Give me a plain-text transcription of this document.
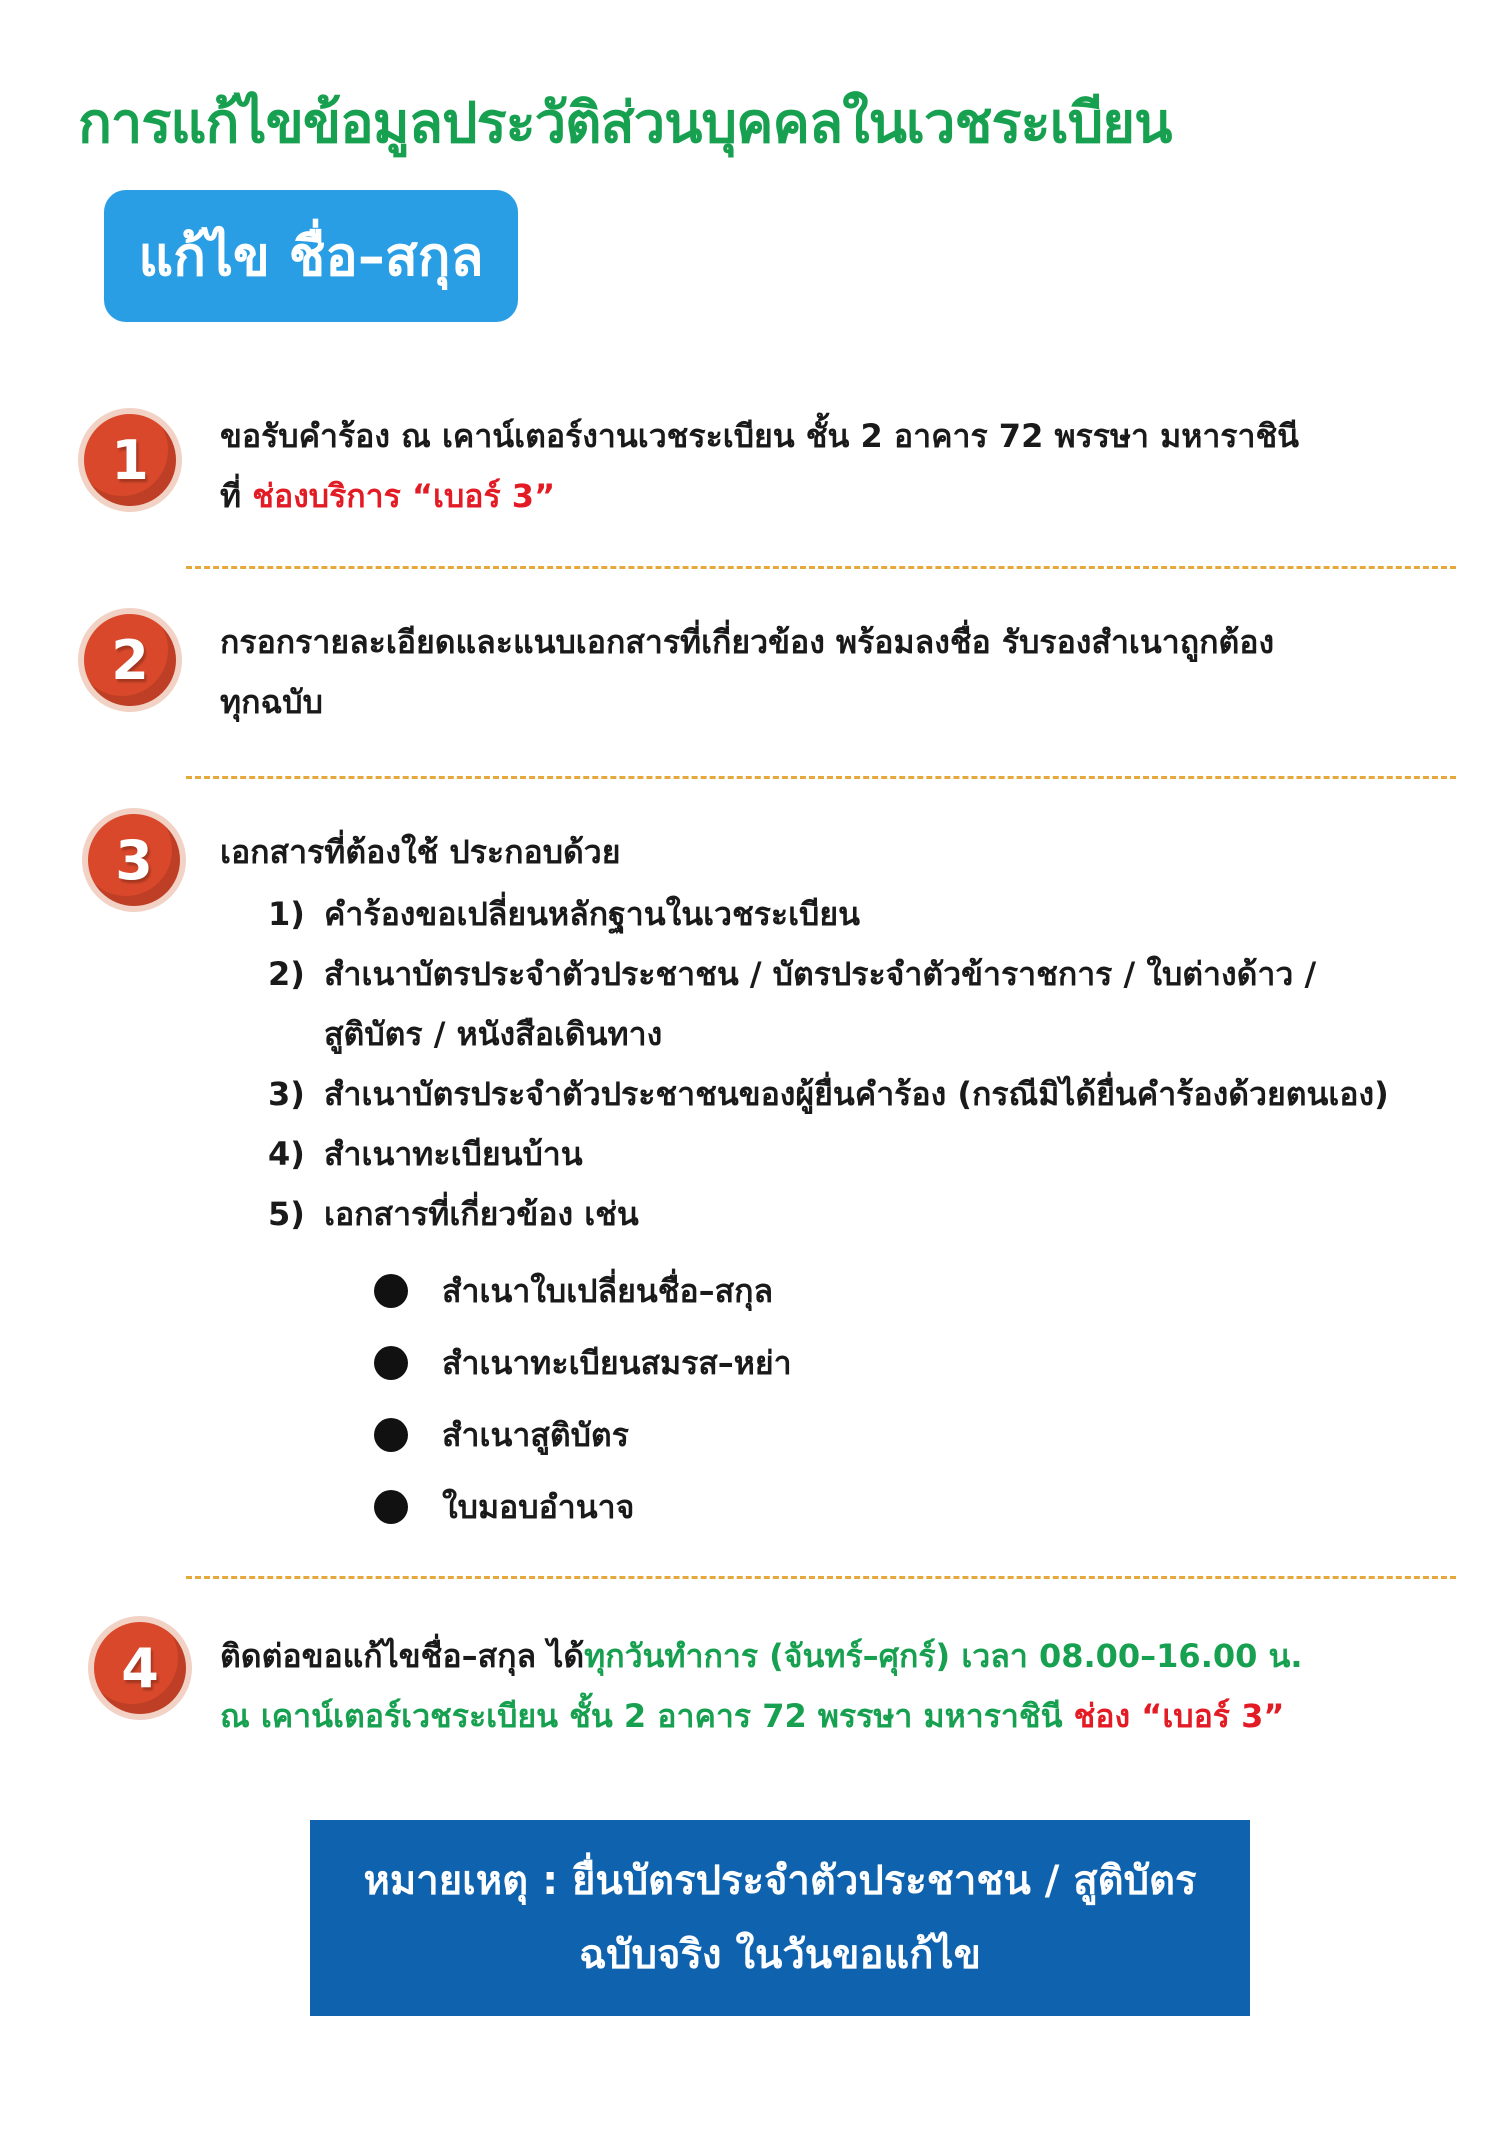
การแก้ไขข้อมูลประวัติส่วนบุคคลในเวชระเบียน
แก้ไข ชื่อ–สกุล
1 ขอรับคำร้อง ณ เคาน์เตอร์งานเวชระเบียน ชั้น 2 อาคาร 72 พรรษา มหาราชินี
ที่ ช่องบริการ “เบอร์ 3”
2 กรอกรายละเอียดและแนบเอกสารที่เกี่ยวข้อง พร้อมลงชื่อ รับรองสำเนาถูกต้อง
ทุกฉบับ
3 เอกสารที่ต้องใช้ ประกอบด้วย
1) คำร้องขอเปลี่ยนหลักฐานในเวชระเบียน
2) สำเนาบัตรประจำตัวประชาชน / บัตรประจำตัวข้าราชการ / ใบต่างด้าว /
สูติบัตร / หนังสือเดินทาง
3) สำเนาบัตรประจำตัวประชาชนของผู้ยื่นคำร้อง (กรณีมิได้ยื่นคำร้องด้วยตนเอง)
4) สำเนาทะเบียนบ้าน
5) เอกสารที่เกี่ยวข้อง เช่น
สำเนาใบเปลี่ยนชื่อ–สกุล
สำเนาทะเบียนสมรส–หย่า
สำเนาสูติบัตร
ใบมอบอำนาจ
4 ติดต่อขอแก้ไขชื่อ–สกุล ได้ทุกวันทำการ (จันทร์–ศุกร์) เวลา 08.00–16.00 น.
ณ เคาน์เตอร์เวชระเบียน ชั้น 2 อาคาร 72 พรรษา มหาราชินี ช่อง “เบอร์ 3”
หมายเหตุ : ยื่นบัตรประจำตัวประชาชน / สูติบัตร
ฉบับจริง ในวันขอแก้ไข
